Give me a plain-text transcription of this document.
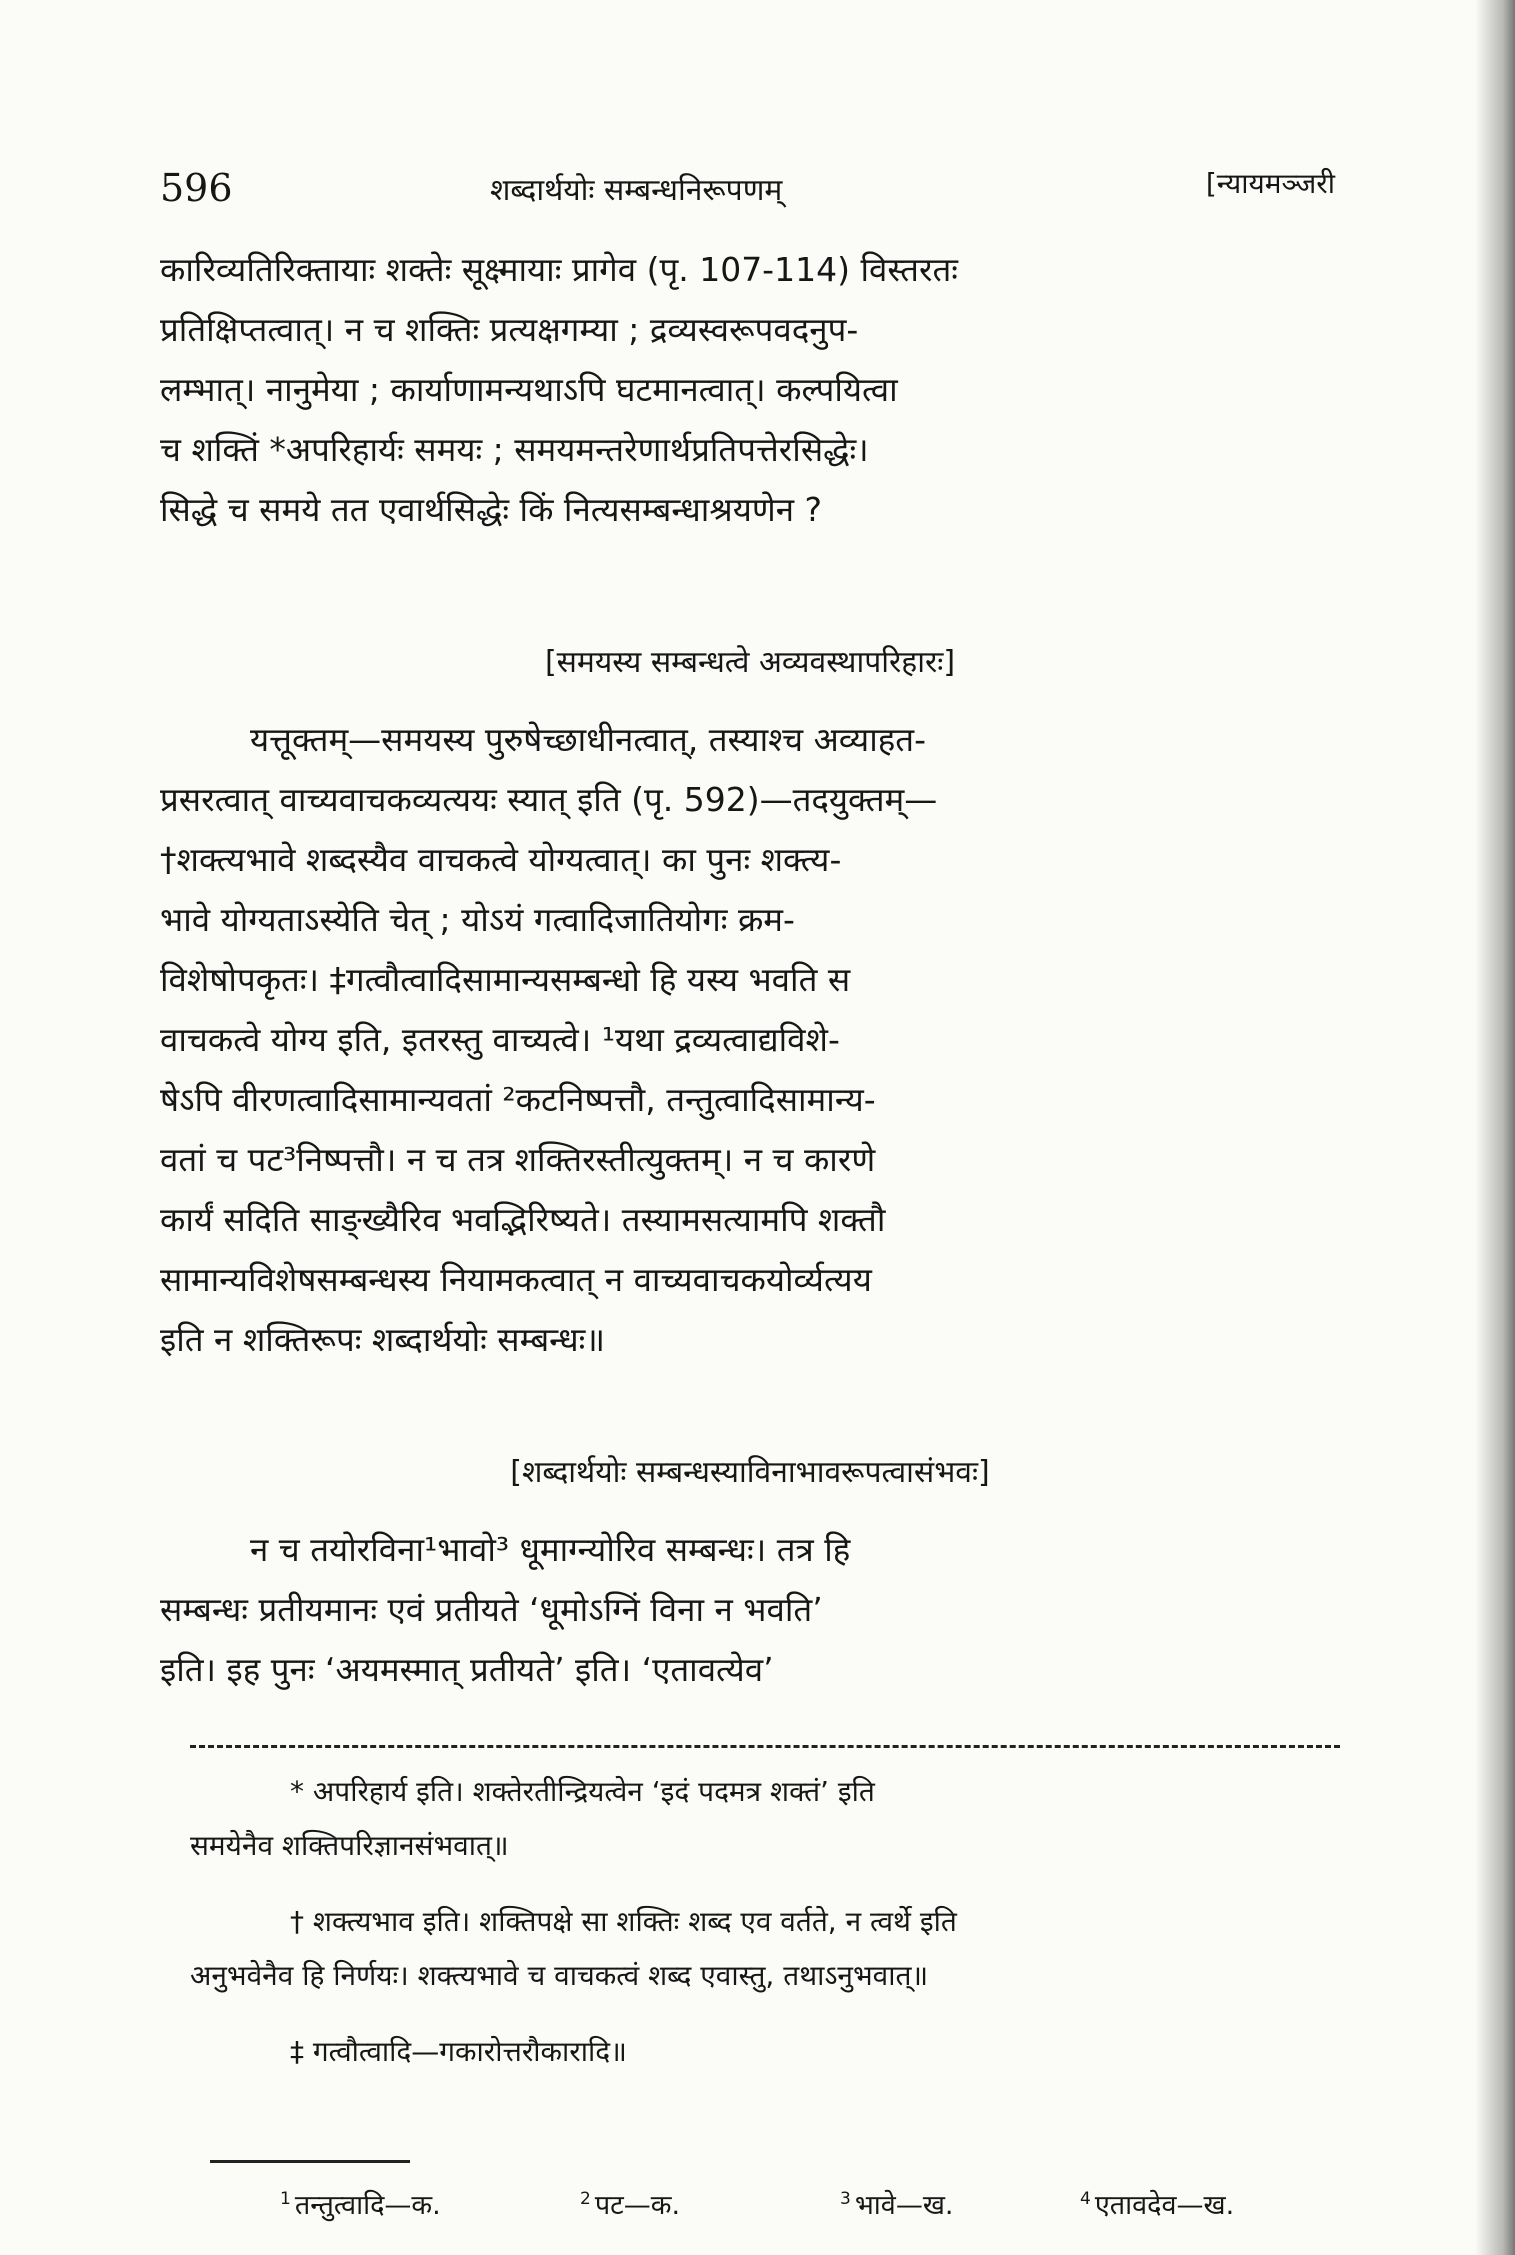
596	शब्दार्थयोः सम्बन्धनिरूपणम्	[न्यायमञ्जरी

कारिव्यतिरिक्तायाः शक्तेः सूक्ष्मायाः प्रागेव (पृ. 107-114) विस्तरतः

प्रतिक्षिप्तत्वात्। न च शक्तिः प्रत्यक्षगम्या ; द्रव्यस्वरूपवदनुप-

लम्भात्। नानुमेया ; कार्याणामन्यथाऽपि घटमानत्वात्। कल्पयित्वा

च शक्तिं *अपरिहार्यः समयः ; समयमन्तरेणार्थप्रतिपत्तेरसिद्धेः।

सिद्धे च समये तत एवार्थसिद्धेः किं नित्यसम्बन्धाश्रयणेन ?

[समयस्य सम्बन्धत्वे अव्यवस्थापरिहारः]

यत्तूक्तम्—समयस्य पुरुषेच्छाधीनत्वात्, तस्याश्च अव्याहत-

प्रसरत्वात् वाच्यवाचकव्यत्ययः स्यात् इति (पृ. 592)—तदयुक्तम्—

†शक्त्यभावे शब्दस्यैव वाचकत्वे योग्यत्वात्। का पुनः शक्त्य-

भावे योग्यताऽस्येति चेत् ; योऽयं गत्वादिजातियोगः क्रम-

विशेषोपकृतः। ‡गत्वौत्वादिसामान्यसम्बन्धो हि यस्य भवति स

वाचकत्वे योग्य इति, इतरस्तु वाच्यत्वे। ¹यथा द्रव्यत्वाद्यविशे-

षेऽपि वीरणत्वादिसामान्यवतां ²कटनिष्पत्तौ, तन्तुत्वादिसामान्य-

वतां च पट³निष्पत्तौ। न च तत्र शक्तिरस्तीत्युक्तम्। न च कारणे

कार्यं सदिति साङ्ख्यैरिव भवद्भिरिष्यते। तस्यामसत्यामपि शक्तौ

सामान्यविशेषसम्बन्धस्य नियामकत्वात् न वाच्यवाचकयोर्व्यत्यय

इति न शक्तिरूपः शब्दार्थयोः सम्बन्धः॥

[शब्दार्थयोः सम्बन्धस्याविनाभावरूपत्वासंभवः]

न च तयोरविना¹भावो³ धूमाग्न्योरिव सम्बन्धः। तत्र हि

सम्बन्धः प्रतीयमानः एवं प्रतीयते ‘धूमोऽग्निं विना न भवति’

इति। इह पुनः ‘अयमस्मात् प्रतीयते’ इति। ‘एतावत्येव’

* अपरिहार्य इति। शक्तेरतीन्द्रियत्वेन ‘इदं पदमत्र शक्तं’ इति

समयेनैव शक्तिपरिज्ञानसंभवात्॥

† शक्त्यभाव इति। शक्तिपक्षे सा शक्तिः शब्द एव वर्तते, न त्वर्थे इति

अनुभवेनैव हि निर्णयः। शक्त्यभावे च वाचकत्वं शब्द एवास्तु, तथाऽनुभवात्॥

‡ गत्वौत्वादि—गकारोत्तरौकारादि॥

$^1$ तन्तुत्वादि—क.	$^2$ पट—क.	$^3$ भावे—ख.	$^4$ एतावदेव—ख.
